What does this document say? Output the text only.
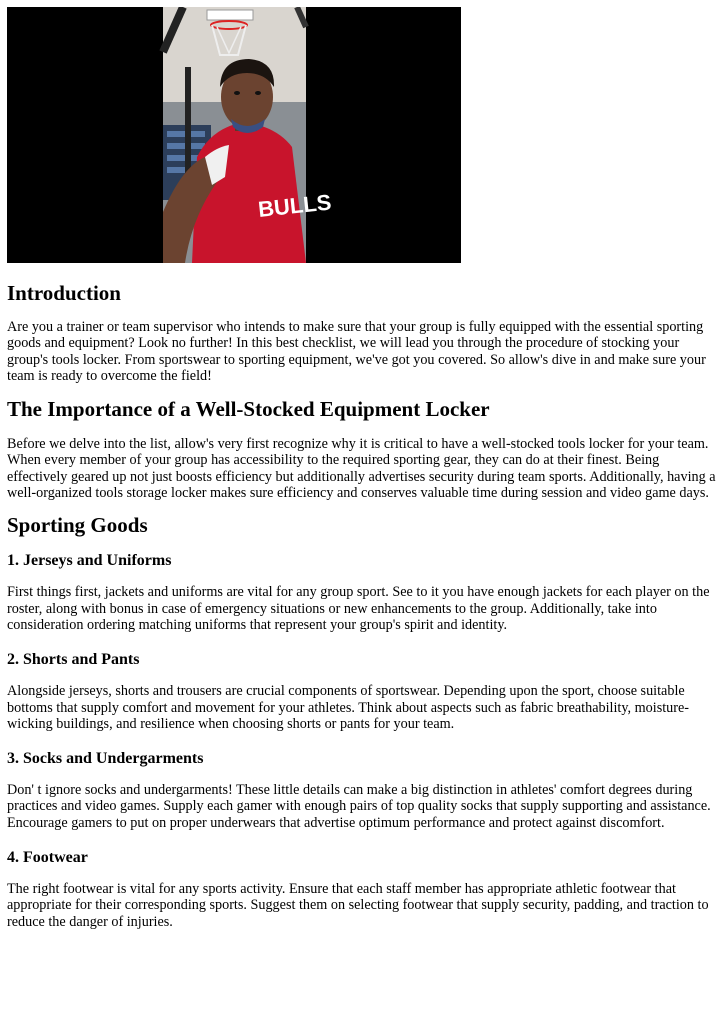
BULLS
Introduction

Are you a trainer or team supervisor who intends to make sure that your group is fully equipped with the essential sporting goods and equipment? Look no further! In this best checklist, we will lead you through the procedure of stocking your group's tools locker. From sportswear to sporting equipment, we've got you covered. So allow's dive in and make sure your team is ready to overcome the field!

The Importance of a Well-Stocked Equipment Locker

Before we delve into the list, allow's very first recognize why it is critical to have a well-stocked tools locker for your team. When every member of your group has accessibility to the required sporting gear, they can do at their finest. Being effectively geared up not just boosts efficiency but additionally advertises security during team sports. Additionally, having a well-organized tools storage locker makes sure efficiency and conserves valuable time during session and video game days.

Sporting Goods
1. Jerseys and Uniforms

First things first, jackets and uniforms are vital for any group sport. See to it you have enough jackets for each player on the roster, along with bonus in case of emergency situations or new enhancements to the group. Additionally, take into consideration ordering matching uniforms that represent your group's spirit and identity.

2. Shorts and Pants

Alongside jerseys, shorts and trousers are crucial components of sportswear. Depending upon the sport, choose suitable bottoms that supply comfort and movement for your athletes. Think about aspects such as fabric breathability, moisture-wicking buildings, and resilience when choosing shorts or pants for your team.

3. Socks and Undergarments

Don' t ignore socks and undergarments! These little details can make a big distinction in athletes' comfort degrees during practices and video games. Supply each gamer with enough pairs of top quality socks that supply supporting and assistance. Encourage gamers to put on proper underwears that advertise optimum performance and protect against discomfort.

4. Footwear

The right footwear is vital for any sports activity. Ensure that each staff member has appropriate athletic footwear that appropriate for their corresponding sports. Suggest them on selecting footwear that supply security, padding, and traction to reduce the danger of injuries.
